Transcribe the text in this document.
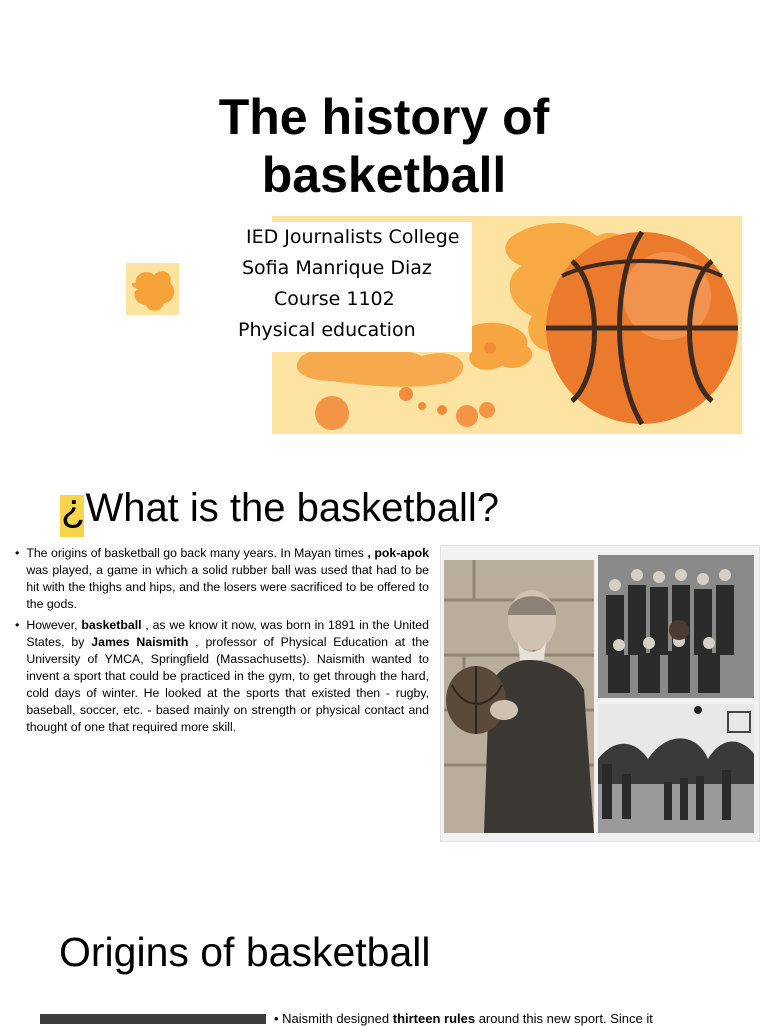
The history of
basketball
IED Journalists College
Sofia Manrique Diaz
Course 1102
Physical education
¿What is the basketball?
• The origins of basketball go back many years. In Mayan times , pok-apok was played, a game in which a solid rubber ball was used that had to be hit with the thighs and hips, and the losers were sacrificed to be offered to the gods.

• However, basketball , as we know it now, was born in 1891 in the United States, by James Naismith , professor of Physical Education at the University of YMCA, Springfield (Massachusetts). Naismith wanted to invent a sport that could be practiced in the gym, to get through the hard, cold days of winter. He looked at the sports that existed then - rugby, baseball, soccer, etc. - based mainly on strength or physical contact and thought of one that required more skill.

Origins of basketball
• Naismith designed thirteen rules around this new sport. Since it
